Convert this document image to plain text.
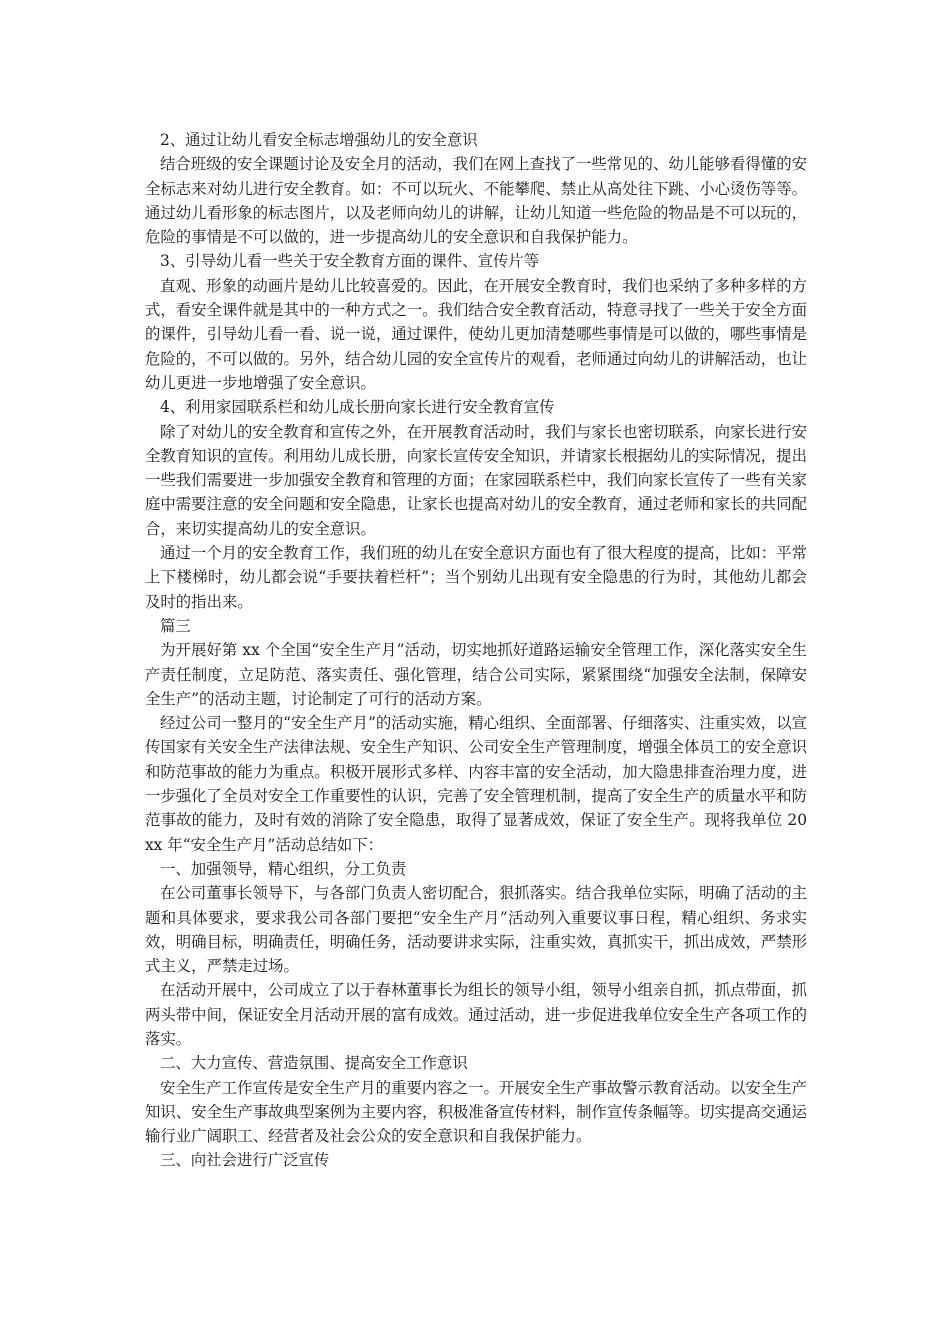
2、通过让幼儿看安全标志增强幼儿的安全意识

结合班级的安全课题讨论及安全月的活动，我们在网上查找了一些常见的、幼儿能够看得懂的安全标志来对幼儿进行安全教育。如：不可以玩火、不能攀爬、禁止从高处往下跳、小心烫伤等等。通过幼儿看形象的标志图片，以及老师向幼儿的讲解，让幼儿知道一些危险的物品是不可以玩的，危险的事情是不可以做的，进一步提高幼儿的安全意识和自我保护能力。

3、引导幼儿看一些关于安全教育方面的课件、宣传片等

直观、形象的动画片是幼儿比较喜爱的。因此，在开展安全教育时，我们也采纳了多种多样的方式，看安全课件就是其中的一种方式之一。我们结合安全教育活动，特意寻找了一些关于安全方面的课件，引导幼儿看一看、说一说，通过课件，使幼儿更加清楚哪些事情是可以做的，哪些事情是危险的，不可以做的。另外，结合幼儿园的安全宣传片的观看，老师通过向幼儿的讲解活动，也让幼儿更进一步地增强了安全意识。

4、利用家园联系栏和幼儿成长册向家长进行安全教育宣传

除了对幼儿的安全教育和宣传之外，在开展教育活动时，我们与家长也密切联系，向家长进行安全教育知识的宣传。利用幼儿成长册，向家长宣传安全知识，并请家长根据幼儿的实际情况，提出一些我们需要进一步加强安全教育和管理的方面；在家园联系栏中，我们向家长宣传了一些有关家庭中需要注意的安全问题和安全隐患，让家长也提高对幼儿的安全教育，通过老师和家长的共同配合，来切实提高幼儿的安全意识。

通过一个月的安全教育工作，我们班的幼儿在安全意识方面也有了很大程度的提高，比如：平常上下楼梯时，幼儿都会说“手要扶着栏杆”；当个别幼儿出现有安全隐患的行为时，其他幼儿都会及时的指出来。

篇三

为开展好第 xx 个全国“安全生产月”活动，切实地抓好道路运输安全管理工作，深化落实安全生产责任制度，立足防范、落实责任、强化管理，结合公司实际，紧紧围绕“加强安全法制，保障安全生产”的活动主题，讨论制定了可行的活动方案。

经过公司一整月的“安全生产月”的活动实施，精心组织、全面部署、仔细落实、注重实效，以宣传国家有关安全生产法律法规、安全生产知识、公司安全生产管理制度，增强全体员工的安全意识和防范事故的能力为重点。积极开展形式多样、内容丰富的安全活动，加大隐患排查治理力度，进一步强化了全员对安全工作重要性的认识，完善了安全管理机制，提高了安全生产的质量水平和防范事故的能力，及时有效的消除了安全隐患，取得了显著成效，保证了安全生产。现将我单位 20xx 年“安全生产月”活动总结如下：

一、加强领导，精心组织，分工负责

在公司董事长领导下，与各部门负责人密切配合，狠抓落实。结合我单位实际，明确了活动的主题和具体要求，要求我公司各部门要把“安全生产月”活动列入重要议事日程，精心组织、务求实效，明确目标，明确责任，明确任务，活动要讲求实际，注重实效，真抓实干，抓出成效，严禁形式主义，严禁走过场。

在活动开展中，公司成立了以于春林董事长为组长的领导小组，领导小组亲自抓，抓点带面，抓两头带中间，保证安全月活动开展的富有成效。通过活动，进一步促进我单位安全生产各项工作的落实。

二、大力宣传、营造氛围、提高安全工作意识

安全生产工作宣传是安全生产月的重要内容之一。开展安全生产事故警示教育活动。以安全生产知识、安全生产事故典型案例为主要内容，积极准备宣传材料，制作宣传条幅等。切实提高交通运输行业广阔职工、经营者及社会公众的安全意识和自我保护能力。

三、向社会进行广泛宣传
